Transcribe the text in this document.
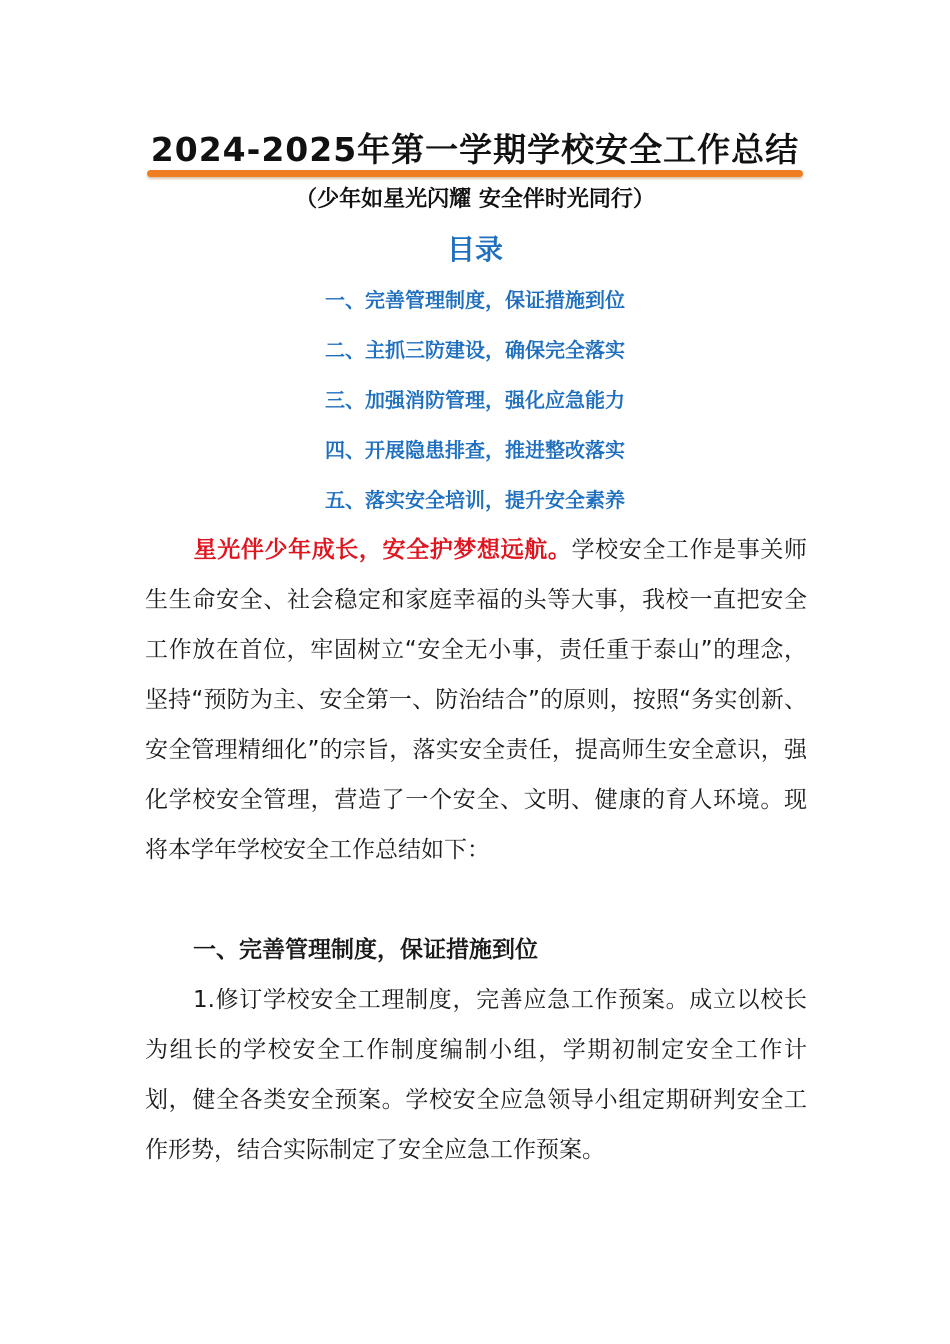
2024-2025年第一学期学校安全工作总结
（少年如星光闪耀 安全伴时光同行）
目录
一、完善管理制度，保证措施到位
二、主抓三防建设，确保完全落实
三、加强消防管理，强化应急能力
四、开展隐患排查，推进整改落实
五、落实安全培训，提升安全素养

星光伴少年成长，安全护梦想远航。学校安全工作是事关师生生命安全、社会稳定和家庭幸福的头等大事，我校一直把安全工作放在首位，牢固树立“安全无小事，责任重于泰山”的理念，坚持“预防为主、安全第一、防治结合”的原则，按照“务实创新、安全管理精细化”的宗旨，落实安全责任，提高师生安全意识，强化学校安全管理，营造了一个安全、文明、健康的育人环境。现将本学年学校安全工作总结如下：

一、完善管理制度，保证措施到位

1.修订学校安全工理制度，完善应急工作预案。成立以校长为组长的学校安全工作制度编制小组，学期初制定安全工作计划，健全各类安全预案。学校安全应急领导小组定期研判安全工作形势，结合实际制定了安全应急工作预案。
